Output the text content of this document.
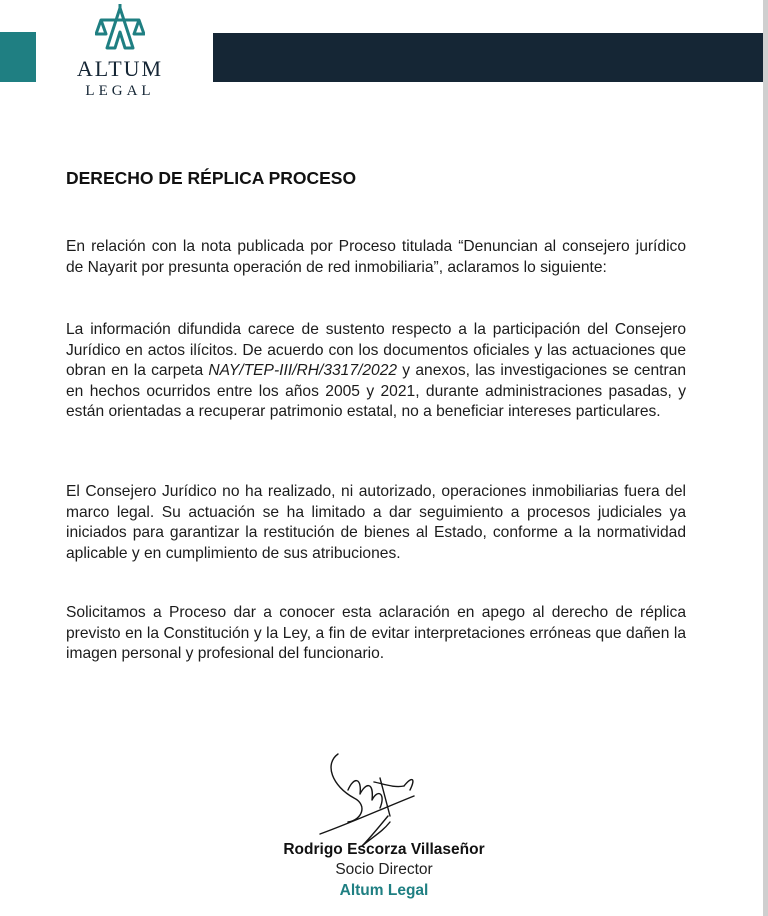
ALTUM
LEGAL
DERECHO DE RÉPLICA PROCESO

En relación con la nota publicada por Proceso titulada “Denuncian al consejero jurídico de Nayarit por presunta operación de red inmobiliaria”, aclaramos lo siguiente:

La información difundida carece de sustento respecto a la participación del Consejero Jurídico en actos ilícitos. De acuerdo con los documentos oficiales y las actuaciones que obran en la carpeta NAY/TEP-III/RH/3317/2022 y anexos, las investigaciones se centran en hechos ocurridos entre los años 2005 y 2021, durante administraciones pasadas, y están orientadas a recuperar patrimonio estatal, no a beneficiar intereses particulares.

El Consejero Jurídico no ha realizado, ni autorizado, operaciones inmobiliarias fuera del marco legal. Su actuación se ha limitado a dar seguimiento a procesos judiciales ya iniciados para garantizar la restitución de bienes al Estado, conforme a la normatividad aplicable y en cumplimiento de sus atribuciones.

Solicitamos a Proceso dar a conocer esta aclaración en apego al derecho de réplica previsto en la Constitución y la Ley, a fin de evitar interpretaciones erróneas que dañen la imagen personal y profesional del funcionario.

Rodrigo Escorza Villaseñor
Socio Director
Altum Legal
